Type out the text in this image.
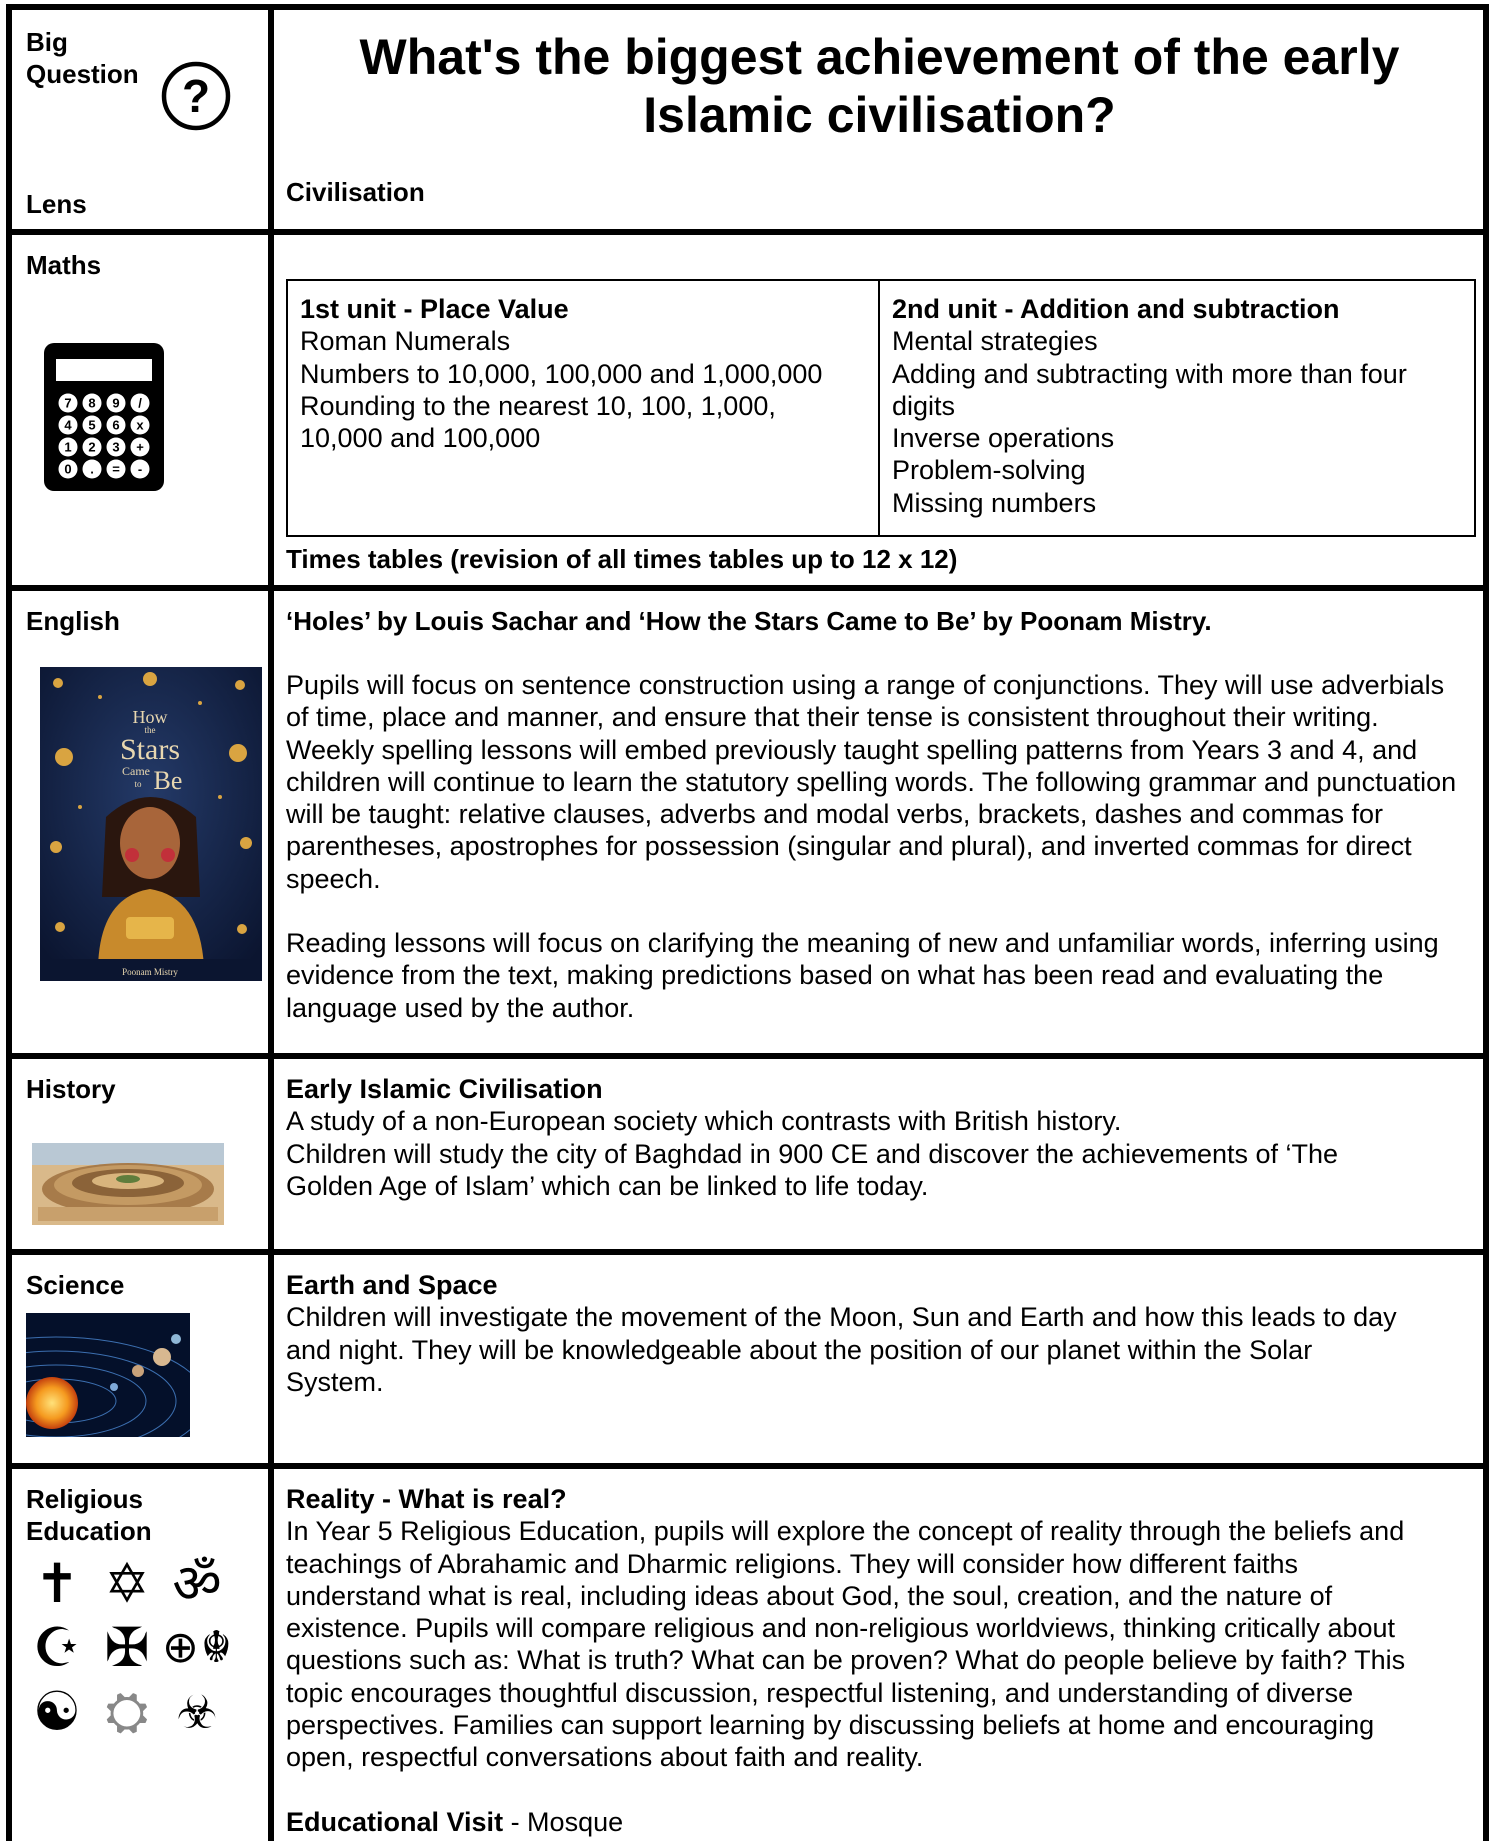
Big Question ?
Lens
What's the biggest achievement of the early Islamic civilisation?
Civilisation
Maths
7 8 9 /
4 5 6 x
1 2 3 +
0 . = -
1st unit - Place Value
Roman Numerals
Numbers to 10,000, 100,000 and 1,000,000
Rounding to the nearest 10, 100, 1,000,
10,000 and 100,000
2nd unit - Addition and subtraction
Mental strategies
Adding and subtracting with more than four
digits
Inverse operations
Problem-solving
Missing numbers
Times tables (revision of all times tables up to 12 x 12)
English
How
the
Stars
Came
to Be
Poonam Mistry
‘Holes’ by Louis Sachar and ‘How the Stars Came to Be’ by Poonam Mistry.
Pupils will focus on sentence construction using a range of conjunctions. They will use adverbials of time, place and manner, and ensure that their tense is consistent throughout their writing. Weekly spelling lessons will embed previously taught spelling patterns from Years 3 and 4, and children will continue to learn the statutory spelling words. The following grammar and punctuation will be taught: relative clauses, adverbs and modal verbs, brackets, dashes and commas for parentheses, apostrophes for possession (singular and plural), and inverted commas for direct speech.
Reading lessons will focus on clarifying the meaning of new and unfamiliar words, inferring using evidence from the text, making predictions based on what has been read and evaluating the language used by the author.
History	Early Islamic Civilisation
A study of a non-European society which contrasts with British history.
Children will study the city of Baghdad in 900 CE and discover the achievements of ‘The
Golden Age of Islam’ which can be linked to life today.
Science	Earth and Space
Children will investigate the movement of the Moon, Sun and Earth and how this leads to day
and night. They will be knowledgeable about the position of our planet within the Solar
System.
Religious
Education
✝ ✡ ॐ
☪ ✠ ⊕ ☬
☯ ⛭ ☣
Reality - What is real?
In Year 5 Religious Education, pupils will explore the concept of reality through the beliefs and
teachings of Abrahamic and Dharmic religions. They will consider how different faiths
understand what is real, including ideas about God, the soul, creation, and the nature of
existence. Pupils will compare religious and non-religious worldviews, thinking critically about
questions such as: What is truth? What can be proven? What do people believe by faith? This
topic encourages thoughtful discussion, respectful listening, and understanding of diverse
perspectives. Families can support learning by discussing beliefs at home and encouraging
open, respectful conversations about faith and reality.
Educational Visit - Mosque
